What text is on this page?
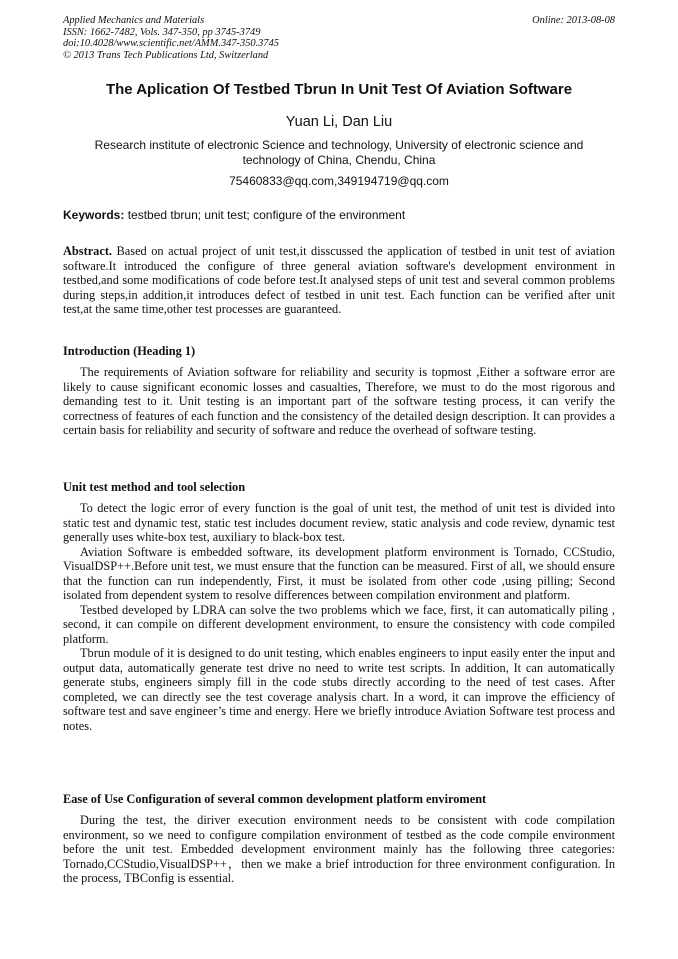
Applied Mechanics and Materials
ISSN: 1662-7482, Vols. 347-350, pp 3745-3749
doi:10.4028/www.scientific.net/AMM.347-350.3745
© 2013 Trans Tech Publications Ltd, Switzerland
Online: 2013-08-08
The Aplication Of Testbed Tbrun In Unit Test Of Aviation Software
Yuan Li, Dan Liu
Research institute of electronic Science and technology, University of electronic science and technology of China, Chendu, China
75460833@qq.com,349194719@qq.com
Keywords: testbed tbrun; unit test; configure of the environment

Abstract. Based on actual project of unit test,it disscussed the application of testbed in unit test of aviation software.It introduced the configure of three general aviation software's development environment in testbed,and some modifications of code before test.It analysed steps of unit test and several common problems during steps,in addition,it introduces defect of testbed in unit test. Each function can be verified after unit test,at the same time,other test processes are guaranteed.

Introduction (Heading 1)

The requirements of Aviation software for reliability and security is topmost ,Either a software error are likely to cause significant economic losses and casualties, Therefore, we must to do the most rigorous and demanding test to it. Unit testing is an important part of the software testing process, it can verify the correctness of features of each function and the consistency of the detailed design description. It can provides a certain basis for reliability and security of software and reduce the overhead of software testing.

Unit test method and tool selection

To detect the logic error of every function is the goal of unit test, the method of unit test is divided into static test and dynamic test, static test includes document review, static analysis and code review, dynamic test generally uses white-box test, auxiliary to black-box test.

Aviation Software is embedded software, its development platform environment is Tornado, CCStudio, VisualDSP++.Before unit test, we must ensure that the function can be measured. First of all, we should ensure that the function can run independently, First, it must be isolated from other code ,using pilling; Second isolated from dependent system to resolve differences between compilation environment and platform.

Testbed developed by LDRA can solve the two problems which we face, first, it can automatically piling , second, it can compile on different development environment, to ensure the consistency with code compiled platform.

Tbrun module of it is designed to do unit testing, which enables engineers to input easily enter the input and output data, automatically generate test drive no need to write test scripts. In addition, It can automatically generate stubs, engineers simply fill in the code stubs directly according to the need of test cases. After completed, we can directly see the test coverage analysis chart. In a word, it can improve the efficiency of software test and save engineer’s time and energy. Here we briefly introduce Aviation Software test process and notes.

Ease of Use Configuration of several common development platform enviroment

During the test, the diriver execution environment needs to be consistent with code compilation environment, so we need to configure compilation environment of testbed as the code compile environment before the unit test. Embedded development environment mainly has the following three categories: Tornado,CCStudio,VisualDSP++，then we make a brief introduction for three environment configuration. In the process, TBConfig is essential.
